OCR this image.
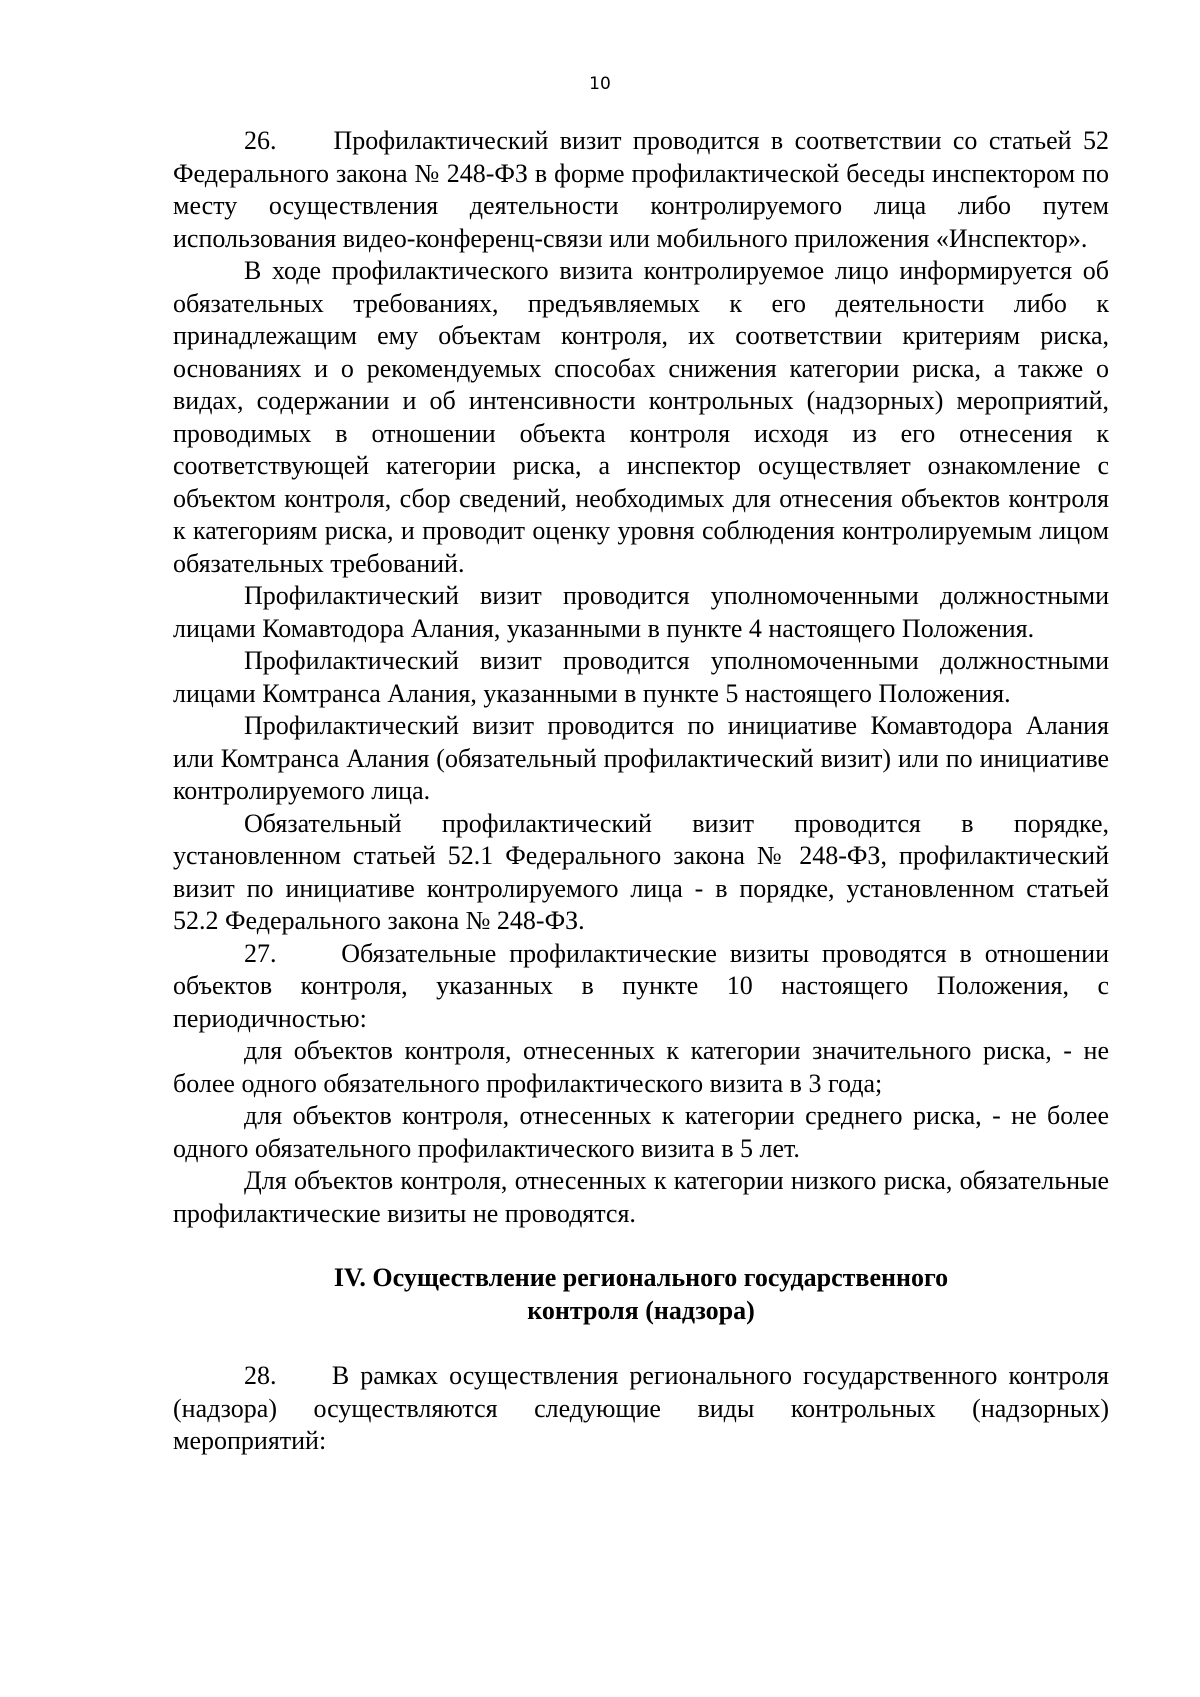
10

26.     Профилактический визит проводится в соответствии со статьей 52 Федерального закона № 248-ФЗ в форме профилактической беседы инспектором по месту осуществления деятельности контролируемого лица либо путем использования видео-конференц-связи или мобильного приложения «Инспектор».

В ходе профилактического визита контролируемое лицо информируется об обязательных требованиях, предъявляемых к его деятельности либо к принадлежащим ему объектам контроля, их соответствии критериям риска, основаниях и о рекомендуемых способах снижения категории риска, а также о видах, содержании и об интенсивности контрольных (надзорных) мероприятий, проводимых в отношении объекта контроля исходя из его отнесения к соответствующей категории риска, а инспектор осуществляет ознакомление с объектом контроля, сбор сведений, необходимых для отнесения объектов контроля к категориям риска, и проводит оценку уровня соблюдения контролируемым лицом обязательных требований.

Профилактический визит проводится уполномоченными должностными лицами Комавтодора Алания, указанными в пункте 4 настоящего Положения.

Профилактический визит проводится уполномоченными должностными лицами Комтранса Алания, указанными в пункте 5 настоящего Положения.

Профилактический визит проводится по инициативе Комавтодора Алания или Комтранса Алания (обязательный профилактический визит) или по инициативе контролируемого лица.

Обязательный профилактический визит проводится в порядке, установленном статьей 52.1 Федерального закона № 248-ФЗ, профилактический визит по инициативе контролируемого лица - в порядке, установленном статьей 52.2 Федерального закона № 248-ФЗ.

27.     Обязательные профилактические визиты проводятся в отношении объектов контроля, указанных в пункте 10 настоящего Положения, с периодичностью:

для объектов контроля, отнесенных к категории значительного риска, - не более одного обязательного профилактического визита в 3 года;

для объектов контроля, отнесенных к категории среднего риска, - не более одного обязательного профилактического визита в 5 лет.

Для объектов контроля, отнесенных к категории низкого риска, обязательные профилактические визиты не проводятся.

IV. Осуществление регионального государственного
контроля (надзора)

28.     В рамках осуществления регионального государственного контроля (надзора) осуществляются следующие виды контрольных (надзорных) мероприятий:
